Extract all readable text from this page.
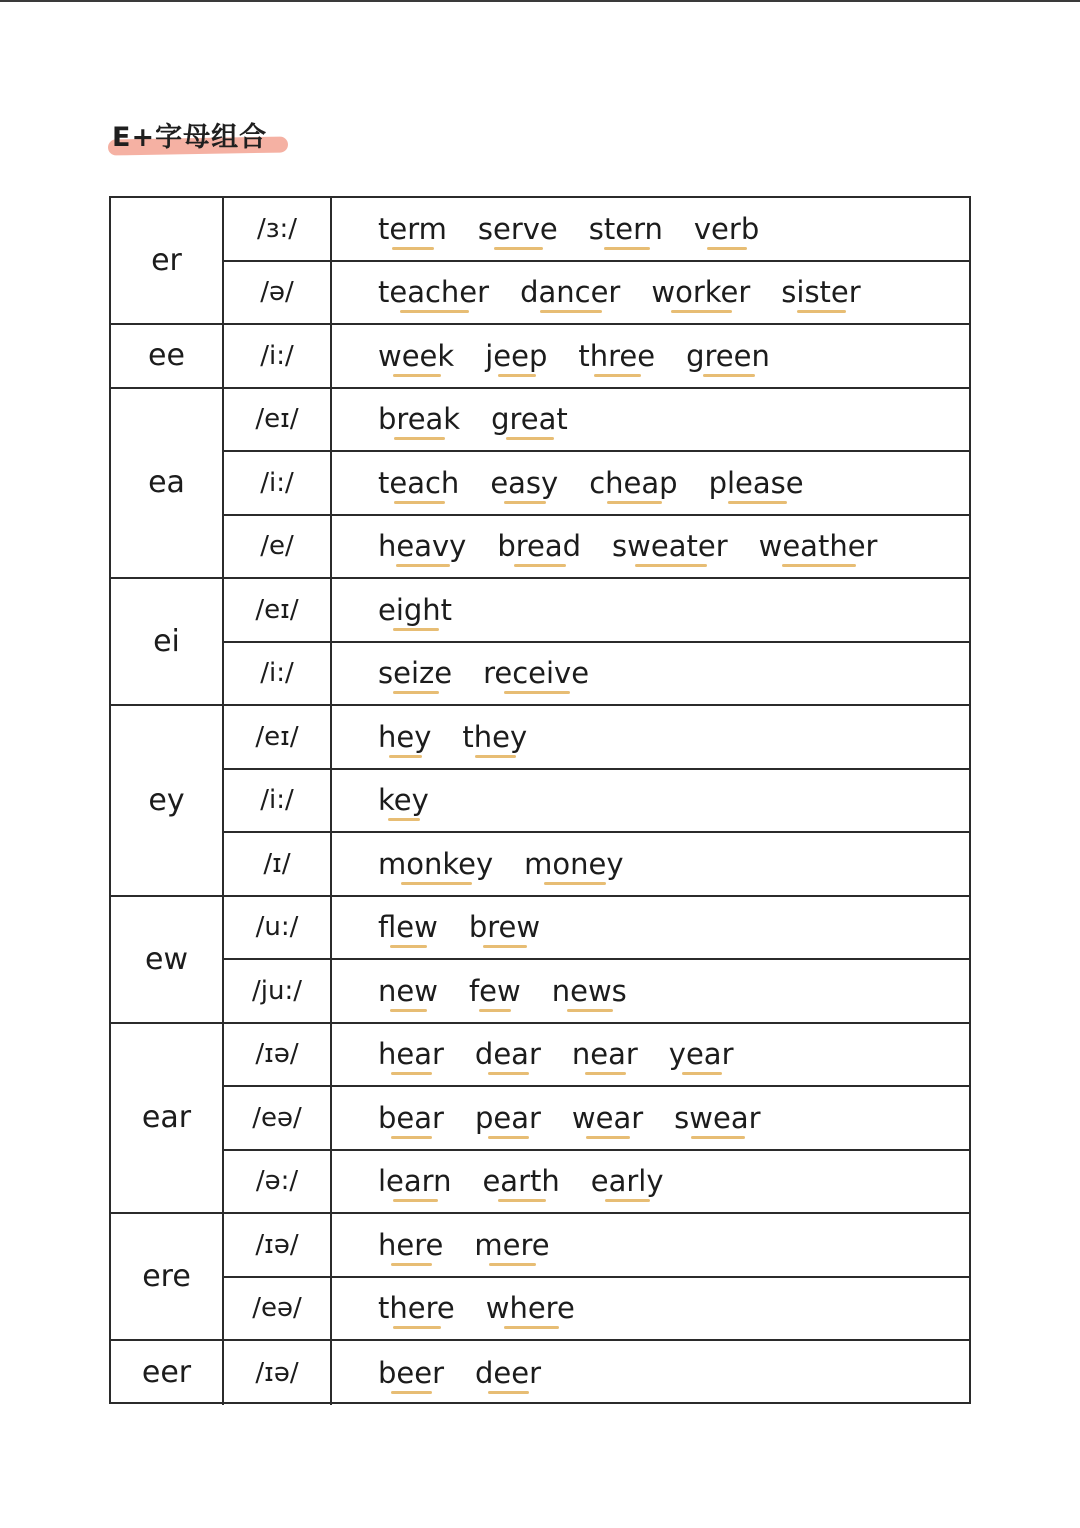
E+字母组合
er
/ɜ:/	term serve stern verb
/ə/	teacher dancer worker sister
ee	/i:/	week jeep three green
ea
/eɪ/	break great
/i:/	teach easy cheap please
/e/	heavy bread sweater weather
ei
/eɪ/	eight
/i:/	seize receive
ey
/eɪ/	hey they
/i:/	key
/ɪ/	monkey money
ew
/u:/	flew brew
/ju:/	new few news
ear
/ɪə/	hear dear near year
/eə/	bear pear wear swear
/ə:/	learn earth early
ere
/ɪə/	here mere
/eə/	there where
eer	/ɪə/	beer deer
